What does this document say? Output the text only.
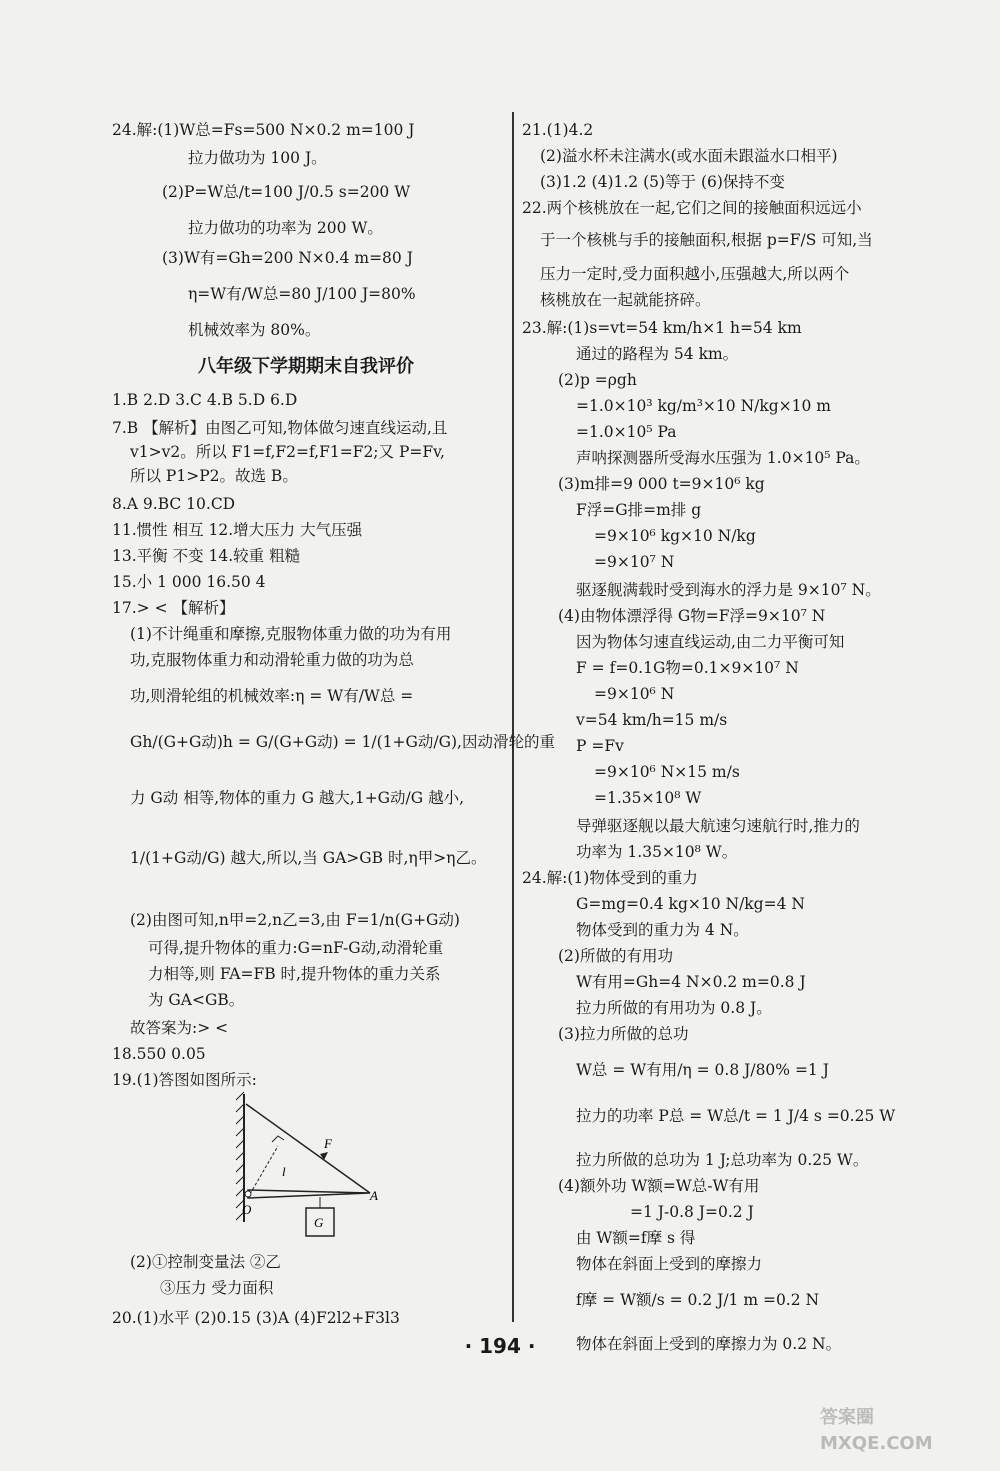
24.解:(1)W总=Fs=500 N×0.2 m=100 J
拉力做功为 100 J。
(2)P=W总/t=100 J/0.5 s=200 W
拉力做功的功率为 200 W。
(3)W有=Gh=200 N×0.4 m=80 J
η=W有/W总=80 J/100 J=80%
机械效率为 80%。
1.B 2.D 3.C 4.B 5.D 6.D
7.B 【解析】由图乙可知,物体做匀速直线运动,且
v1>v2。所以 F1=f,F2=f,F1=F2;又 P=Fv,
所以 P1>P2。故选 B。
8.A 9.BC 10.CD
11.惯性 相互 12.增大压力 大气压强
13.平衡 不变 14.较重 粗糙
15.小 1 000 16.50 4
17.> < 【解析】
(1)不计绳重和摩擦,克服物体重力做的功为有用
功,克服物体重力和动滑轮重力做的功为总
功,则滑轮组的机械效率:η = W有/W总 =
Gh/(G+G动)h = G/(G+G动) = 1/(1+G动/G),因动滑轮的重
力 G动 相等,物体的重力 G 越大,1+G动/G 越小,
1/(1+G动/G) 越大,所以,当 GA>GB 时,η甲>η乙。
(2)由图可知,n甲=2,n乙=3,由 F=1/n(G+G动)
可得,提升物体的重力:G=nF-G动,动滑轮重
力相等,则 FA=FB 时,提升物体的重力关系
为 GA<GB。
故答案为:> <
18.550 0.05
19.(1)答图如图所示:
(2)①控制变量法 ②乙
③压力 受力面积
20.(1)水平 (2)0.15 (3)A (4)F2l2+F3l3
八年级下学期期末自我评价
F
l
O
A
G
21.(1)4.2
(2)溢水杯未注满水(或水面未跟溢水口相平)
(3)1.2 (4)1.2 (5)等于 (6)保持不变
22.两个核桃放在一起,它们之间的接触面积远远小
于一个核桃与手的接触面积,根据 p=F/S 可知,当
压力一定时,受力面积越小,压强越大,所以两个
核桃放在一起就能挤碎。
23.解:(1)s=vt=54 km/h×1 h=54 km
通过的路程为 54 km。
(2)p =ρgh
=1.0×10³ kg/m³×10 N/kg×10 m
=1.0×10⁵ Pa
声呐探测器所受海水压强为 1.0×10⁵ Pa。
(3)m排=9 000 t=9×10⁶ kg
F浮=G排=m排 g
=9×10⁶ kg×10 N/kg
=9×10⁷ N
驱逐舰满载时受到海水的浮力是 9×10⁷ N。
(4)由物体漂浮得 G物=F浮=9×10⁷ N
因为物体匀速直线运动,由二力平衡可知
F = f=0.1G物=0.1×9×10⁷ N
=9×10⁶ N
v=54 km/h=15 m/s
P =Fv
=9×10⁶ N×15 m/s
=1.35×10⁸ W
导弹驱逐舰以最大航速匀速航行时,推力的
功率为 1.35×10⁸ W。
24.解:(1)物体受到的重力
G=mg=0.4 kg×10 N/kg=4 N
物体受到的重力为 4 N。
(2)所做的有用功
W有用=Gh=4 N×0.2 m=0.8 J
拉力所做的有用功为 0.8 J。
(3)拉力所做的总功
W总 = W有用/η = 0.8 J/80% =1 J
拉力的功率 P总 = W总/t = 1 J/4 s =0.25 W
拉力所做的总功为 1 J;总功率为 0.25 W。
(4)额外功 W额=W总-W有用
=1 J-0.8 J=0.2 J
由 W额=f摩 s 得
物体在斜面上受到的摩擦力
f摩 = W额/s = 0.2 J/1 m =0.2 N
物体在斜面上受到的摩擦力为 0.2 N。
· 194 ·
答案圈 MXQE.COM
